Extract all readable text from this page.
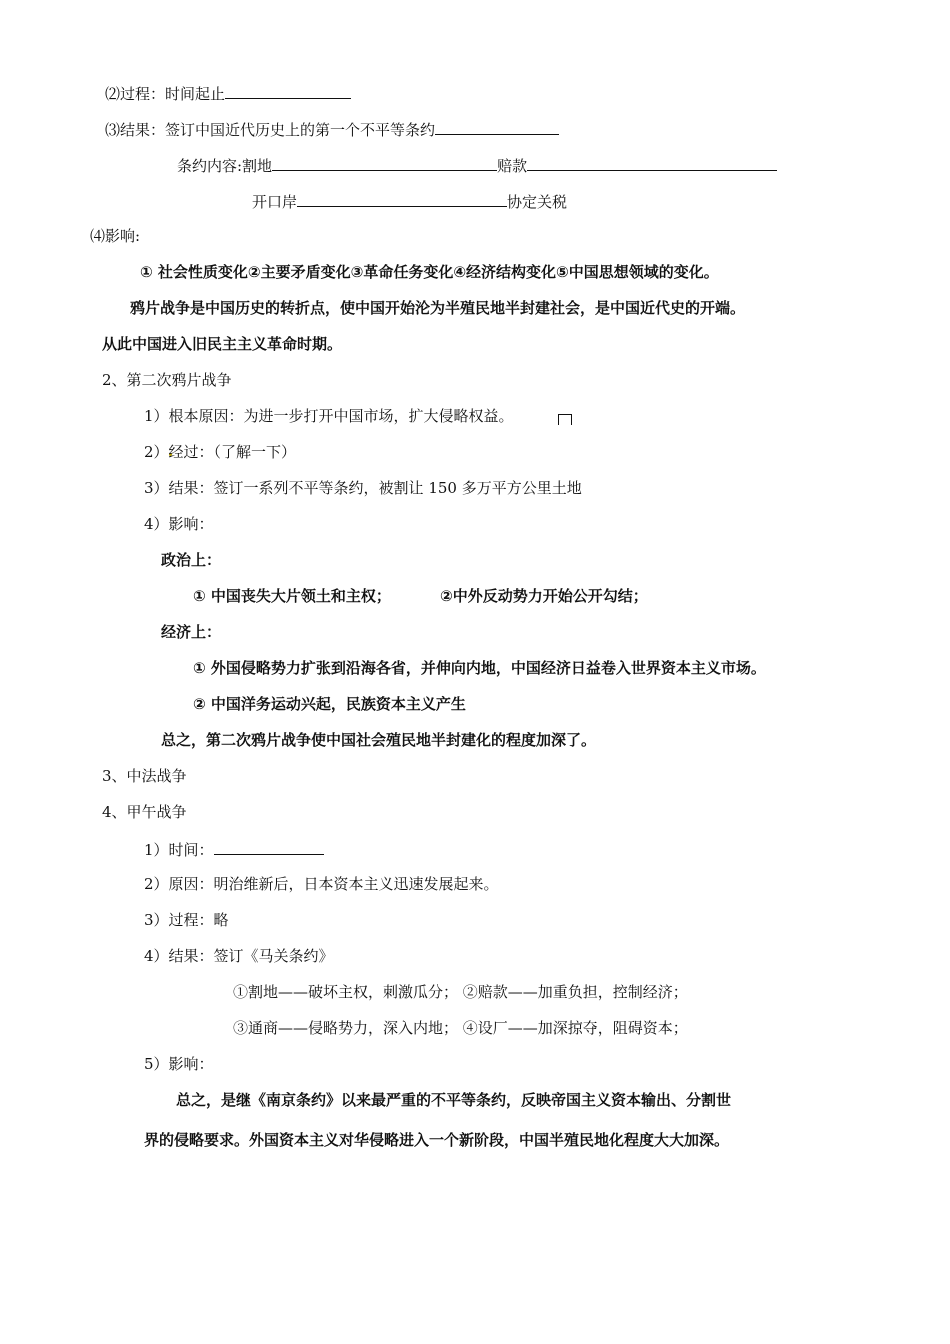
⑵过程：时间起止
⑶结果：签订中国近代历史上的第一个不平等条约
条约内容:割地	赔款
开口岸	协定关税
⑷影响:
① 社会性质变化②主要矛盾变化③革命任务变化④经济结构变化⑤中国思想领域的变化。
鸦片战争是中国历史的转折点，使中国开始沦为半殖民地半封建社会，是中国近代史的开端。
从此中国进入旧民主主义革命时期。
2、第二次鸦片战争
1）根本原因：为进一步打开中国市场，扩大侵略权益。
2）经过：（了解一下）
3）结果：签订一系列不平等条约，被割让 150 多万平方公里土地
4）影响：
政治上：
① 中国丧失大片领土和主权；	②中外反动势力开始公开勾结；
经济上：
① 外国侵略势力扩张到沿海各省，并伸向内地，中国经济日益卷入世界资本主义市场。
② 中国洋务运动兴起，民族资本主义产生
总之，第二次鸦片战争使中国社会殖民地半封建化的程度加深了。
3、中法战争
4、甲午战争
1）时间：
2）原因：明治维新后，日本资本主义迅速发展起来。
3）过程：略
4）结果：签订《马关条约》
①割地——破坏主权，刺激瓜分； ②赔款——加重负担，控制经济；
③通商——侵略势力，深入内地； ④设厂——加深掠夺，阻碍资本；
5）影响：
总之，是继《南京条约》以来最严重的不平等条约，反映帝国主义资本输出、分割世
界的侵略要求。外国资本主义对华侵略进入一个新阶段，中国半殖民地化程度大大加深。
